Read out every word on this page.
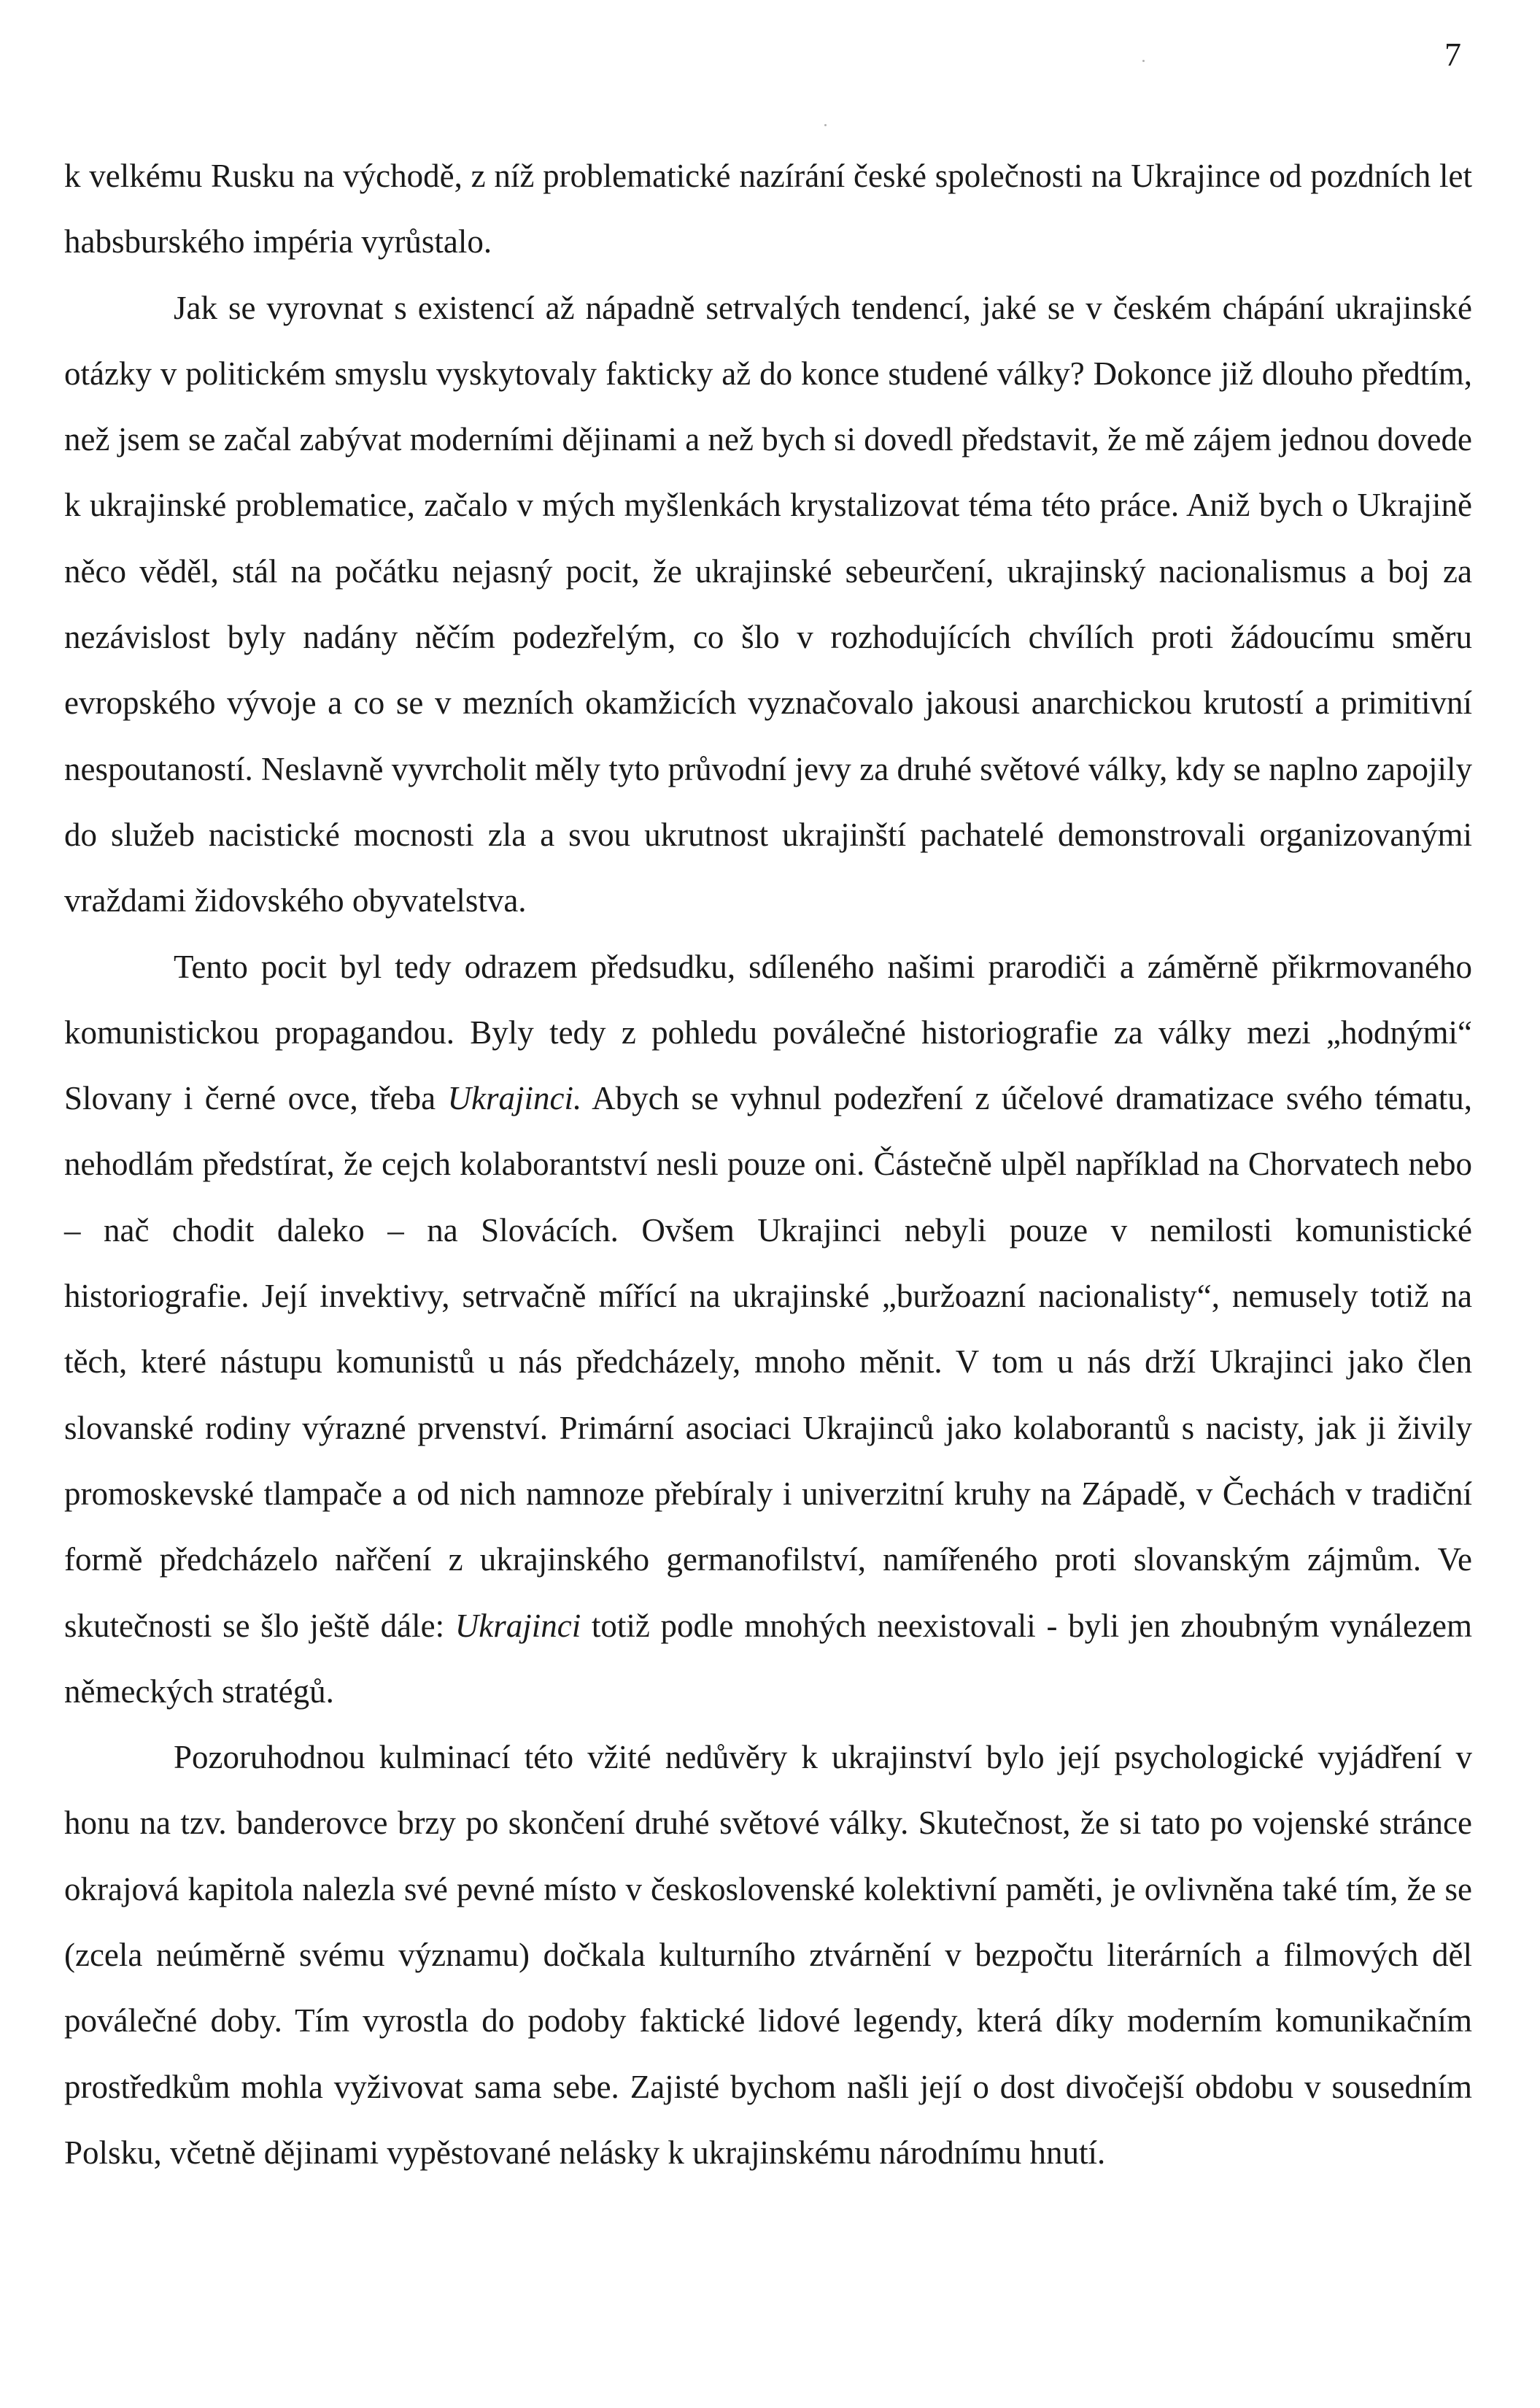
7

k velkému Rusku na východě, z níž problematické nazírání české společnosti na Ukrajince od pozdních let habsburského impéria vyrůstalo.

Jak se vyrovnat s existencí až nápadně setrvalých tendencí, jaké se v českém chápání ukrajinské otázky v politickém smyslu vyskytovaly fakticky až do konce studené války? Dokonce již dlouho předtím, než jsem se začal zabývat moderními dějinami a než bych si dovedl představit, že mě zájem jednou dovede k ukrajinské problematice, začalo v mých myšlenkách krystalizovat téma této práce. Aniž bych o Ukrajině něco věděl, stál na počátku nejasný pocit, že ukrajinské sebeurčení, ukrajinský nacionalismus a boj za nezávislost byly nadány něčím podezřelým, co šlo v rozhodujících chvílích proti žádoucímu směru evropského vývoje a co se v mezních okamžicích vyznačovalo jakousi anarchickou krutostí a primitivní nespoutaností. Neslavně vyvrcholit měly tyto průvodní jevy za druhé světové války, kdy se naplno zapojily do služeb nacistické mocnosti zla a svou ukrutnost ukrajinští pachatelé demonstrovali organizovanými vraždami židovského obyvatelstva.

Tento pocit byl tedy odrazem předsudku, sdíleného našimi prarodiči a záměrně přikrmovaného komunistickou propagandou. Byly tedy z pohledu poválečné historiografie za války mezi „hodnými“ Slovany i černé ovce, třeba Ukrajinci. Abych se vyhnul podezření z účelové dramatizace svého tématu, nehodlám předstírat, že cejch kolaborantství nesli pouze oni. Částečně ulpěl například na Chorvatech nebo – nač chodit daleko – na Slovácích. Ovšem Ukrajinci nebyli pouze v nemilosti komunistické historiografie. Její invektivy, setrvačně mířící na ukrajinské „buržoazní nacionalisty“, nemusely totiž na těch, které nástupu komunistů u nás předcházely, mnoho měnit. V tom u nás drží Ukrajinci jako člen slovanské rodiny výrazné prvenství. Primární asociaci Ukrajinců jako kolaborantů s nacisty, jak ji živily promoskevské tlampače a od nich namnoze přebíraly i univerzitní kruhy na Západě, v Čechách v tradiční formě předcházelo nařčení z ukrajinského germanofilství, namířeného proti slovanským zájmům. Ve skutečnosti se šlo ještě dále: Ukrajinci totiž podle mnohých neexistovali - byli jen zhoubným vynálezem německých stratégů.

Pozoruhodnou kulminací této vžité nedůvěry k ukrajinství bylo její psychologické vyjádření v honu na tzv. banderovce brzy po skončení druhé světové války. Skutečnost, že si tato po vojenské stránce okrajová kapitola nalezla své pevné místo v československé kolektivní paměti, je ovlivněna také tím, že se (zcela neúměrně svému významu) dočkala kulturního ztvárnění v bezpočtu literárních a filmových děl poválečné doby. Tím vyrostla do podoby faktické lidové legendy, která díky moderním komunikačním prostředkům mohla vyživovat sama sebe. Zajisté bychom našli její o dost divočejší obdobu v sousedním Polsku, včetně dějinami vypěstované nelásky k ukrajinskému národnímu hnutí.
